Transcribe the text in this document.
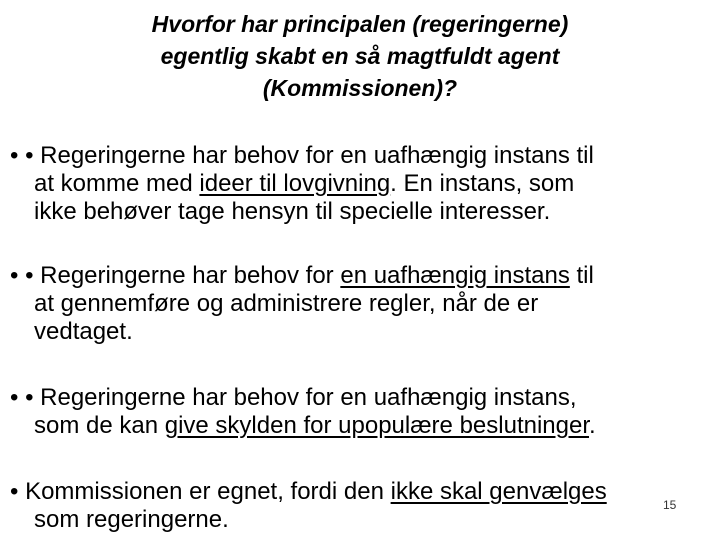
Hvorfor har principalen (regeringerne)
egentlig skabt en så magtfuldt agent
(Kommissionen)?
• • Regeringerne har behov for en uafhængig instans til
at komme med ideer til lovgivning. En instans, som
ikke behøver tage hensyn til specielle interesser.
• • Regeringerne har behov for en uafhængig instans til
at gennemføre og administrere regler, når de er
vedtaget.
• • Regeringerne har behov for en uafhængig instans,
som de kan give skylden for upopulære beslutninger.
• Kommissionen er egnet, fordi den ikke skal genvælges
som regeringerne.
15
